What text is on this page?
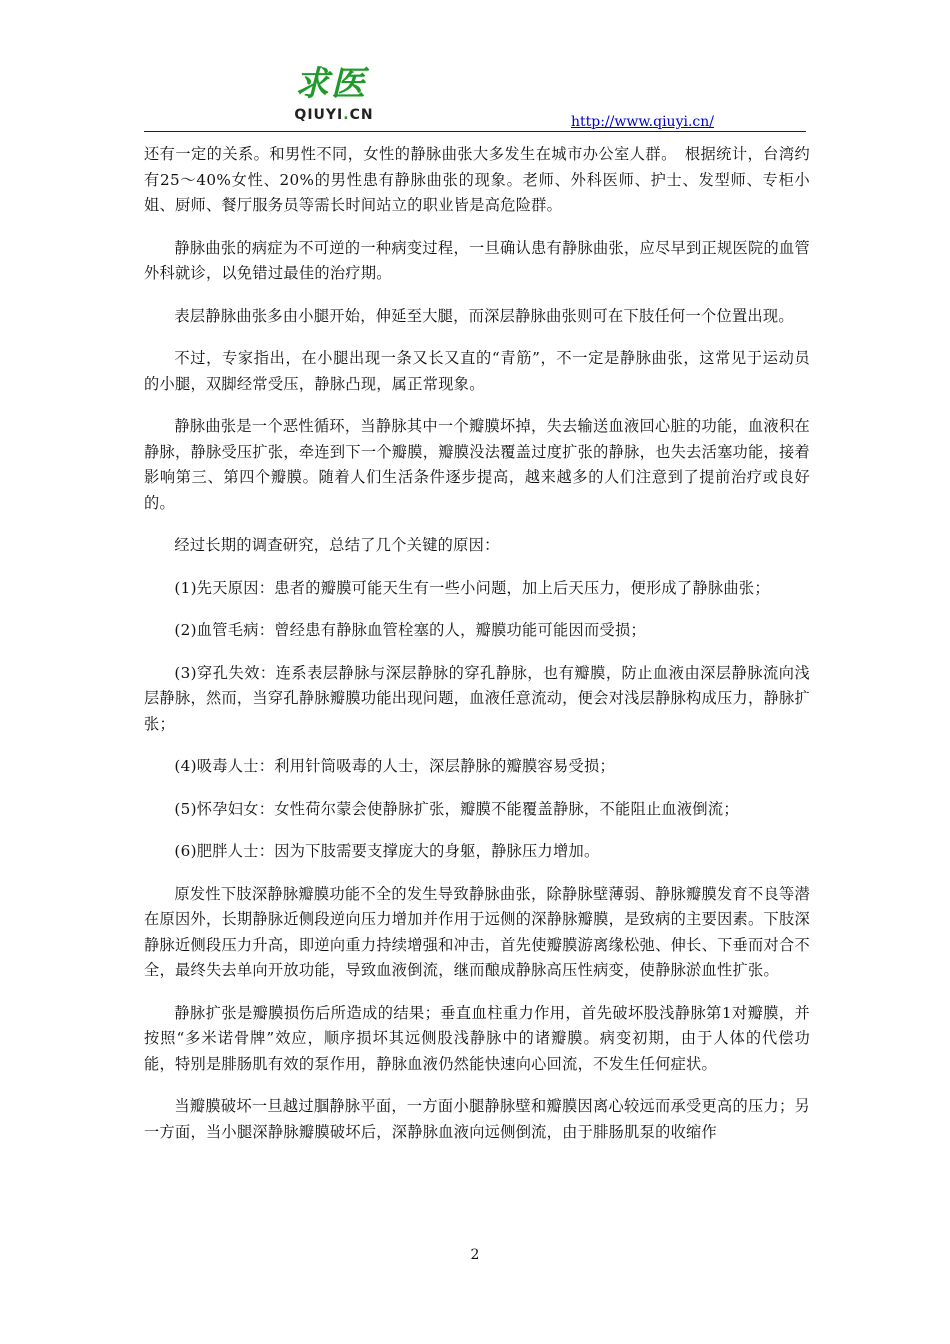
求医
QIUYI.CN	http://www.qiuyi.cn/

还有一定的关系。和男性不同，女性的静脉曲张大多发生在城市办公室人群。　根据统计，台湾约有25～40%女性、20%的男性患有静脉曲张的现象。老师、外科医师、护士、发型师、专柜小姐、厨师、餐厅服务员等需长时间站立的职业皆是高危险群。

静脉曲张的病症为不可逆的一种病变过程，一旦确认患有静脉曲张，应尽早到正规医院的血管外科就诊，以免错过最佳的治疗期。

表层静脉曲张多由小腿开始，伸延至大腿，而深层静脉曲张则可在下肢任何一个位置出现。

不过，专家指出，在小腿出现一条又长又直的“青筋”，不一定是静脉曲张，这常见于运动员的小腿，双脚经常受压，静脉凸现，属正常现象。

静脉曲张是一个恶性循环，当静脉其中一个瓣膜坏掉，失去输送血液回心脏的功能，血液积在静脉，静脉受压扩张，牵连到下一个瓣膜，瓣膜没法覆盖过度扩张的静脉，也失去活塞功能，接着影响第三、第四个瓣膜。随着人们生活条件逐步提高，越来越多的人们注意到了提前治疗或良好的。

经过长期的调查研究，总结了几个关键的原因：

(1)先天原因：患者的瓣膜可能天生有一些小问题，加上后天压力，便形成了静脉曲张；

(2)血管毛病：曾经患有静脉血管栓塞的人，瓣膜功能可能因而受损；

(3)穿孔失效：连系表层静脉与深层静脉的穿孔静脉，也有瓣膜，防止血液由深层静脉流向浅层静脉，然而，当穿孔静脉瓣膜功能出现问题，血液任意流动，便会对浅层静脉构成压力，静脉扩张；

(4)吸毒人士：利用针筒吸毒的人士，深层静脉的瓣膜容易受损；

(5)怀孕妇女：女性荷尔蒙会使静脉扩张，瓣膜不能覆盖静脉，不能阻止血液倒流；

(6)肥胖人士：因为下肢需要支撑庞大的身躯，静脉压力增加。

原发性下肢深静脉瓣膜功能不全的发生导致静脉曲张，除静脉壁薄弱、静脉瓣膜发育不良等潜在原因外，长期静脉近侧段逆向压力增加并作用于远侧的深静脉瓣膜，是致病的主要因素。下肢深静脉近侧段压力升高，即逆向重力持续增强和冲击，首先使瓣膜游离缘松弛、伸长、下垂而对合不全，最终失去单向开放功能，导致血液倒流，继而酿成静脉高压性病变，使静脉淤血性扩张。

静脉扩张是瓣膜损伤后所造成的结果；垂直血柱重力作用，首先破坏股浅静脉第1对瓣膜，并按照“多米诺骨牌”效应，顺序损坏其远侧股浅静脉中的诸瓣膜。病变初期，由于人体的代偿功能，特别是腓肠肌有效的泵作用，静脉血液仍然能快速向心回流，不发生任何症状。

当瓣膜破坏一旦越过腘静脉平面，一方面小腿静脉壁和瓣膜因离心较远而承受更高的压力；另一方面，当小腿深静脉瓣膜破坏后，深静脉血液向远侧倒流，由于腓肠肌泵的收缩作

2
